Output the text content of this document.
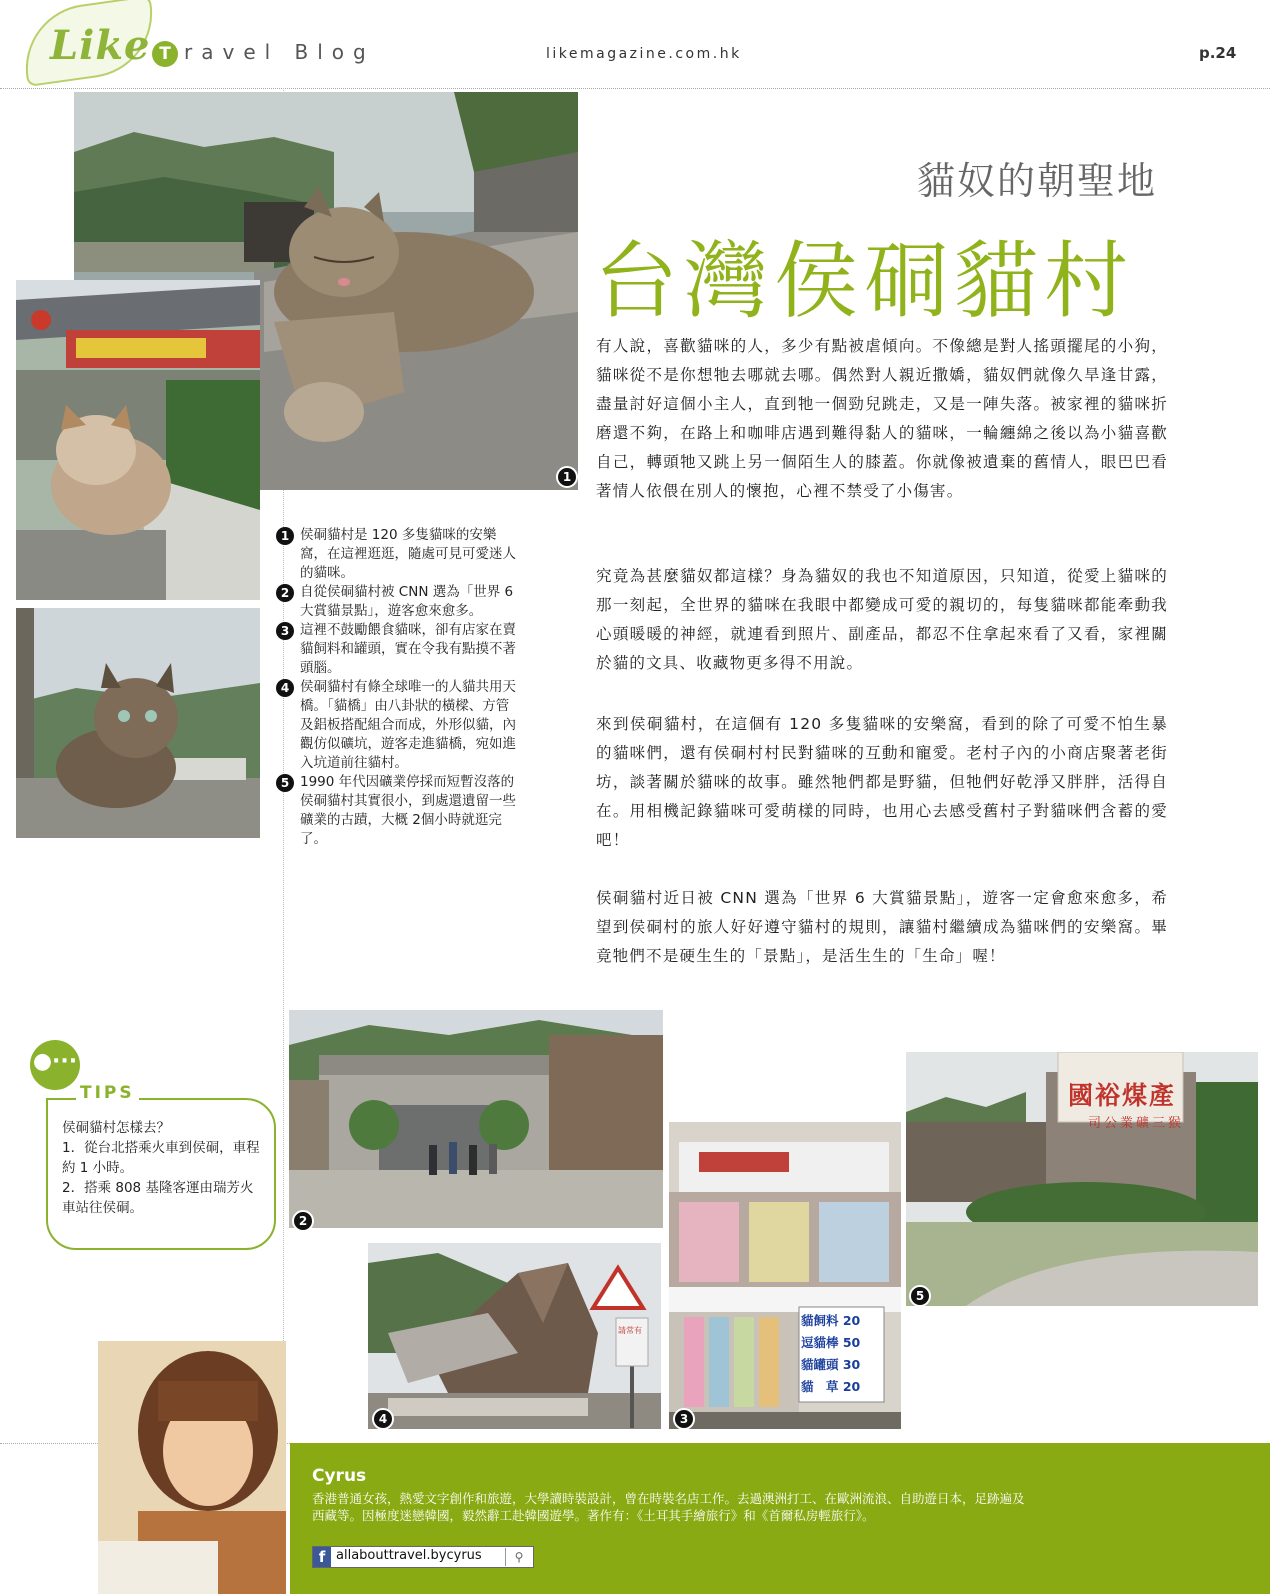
Like T ravel Blog	likemagazine.com.hk	p.24
1
2
請常有
4
貓飼料 20
逗貓棒 50
貓罐頭 30
貓　草 20
3
國裕煤產
司公業礦三猴
5
貓奴的朝聖地
台灣侯硐貓村
有人說，喜歡貓咪的人，多少有點被虐傾向。不像總是對人搖頭擺尾的小狗，貓咪從不是你想牠去哪就去哪。偶然對人親近撒嬌，貓奴們就像久旱逢甘露，盡量討好這個小主人，直到牠一個勁兒跳走，又是一陣失落。被家裡的貓咪折磨還不夠，在路上和咖啡店遇到難得黏人的貓咪，一輪纏綿之後以為小貓喜歡自己，轉頭牠又跳上另一個陌生人的膝蓋。你就像被遺棄的舊情人，眼巴巴看著情人依偎在別人的懷抱，心裡不禁受了小傷害。
究竟為甚麼貓奴都這樣？身為貓奴的我也不知道原因，只知道，從愛上貓咪的那一刻起，全世界的貓咪在我眼中都變成可愛的親切的，每隻貓咪都能牽動我心頭暖暖的神經，就連看到照片、副產品，都忍不住拿起來看了又看，家裡關於貓的文具、收藏物更多得不用說。
來到侯硐貓村，在這個有 120 多隻貓咪的安樂窩，看到的除了可愛不怕生暴的貓咪們，還有侯硐村村民對貓咪的互動和寵愛。老村子內的小商店聚著老街坊，談著關於貓咪的故事。雖然牠們都是野貓，但牠們好乾淨又胖胖，活得自在。用相機記錄貓咪可愛萌樣的同時，也用心去感受舊村子對貓咪們含蓄的愛吧！
侯硐貓村近日被 CNN 選為「世界 6 大賞貓景點」，遊客一定會愈來愈多，希望到侯硐村的旅人好好遵守貓村的規則，讓貓村繼續成為貓咪們的安樂窩。畢竟牠們不是硬生生的「景點」，是活生生的「生命」喔！
1 侯硐貓村是 120 多隻貓咪的安樂窩，在這裡逛逛，隨處可見可愛迷人的貓咪。
2 自從侯硐貓村被 CNN 選為「世界 6 大賞貓景點」，遊客愈來愈多。
3 這裡不鼓勵餵食貓咪，卻有店家在賣貓飼料和罐頭，實在令我有點摸不著頭腦。
4 侯硐貓村有條全球唯一的人貓共用天橋。「貓橋」由八卦狀的橫樑、方管及鋁板搭配組合而成，外形似貓，內觀仿似礦坑，遊客走進貓橋，宛如進入坑道前往貓村。
5 1990 年代因礦業停採而短暫沒落的侯硐貓村其實很小，到處還遺留一些礦業的古蹟，大概 2個小時就逛完了。
●···
TIPS
侯硐貓村怎樣去？
1．從台北搭乘火車到侯硐，車程約 1 小時。
2．搭乘 808 基隆客運由瑞芳火車站往侯硐。
Cyrus
香港普通女孩，熱愛文字創作和旅遊，大學讀時裝設計，曾在時裝名店工作。去過澳洲打工、在歐洲流浪、自助遊日本，足跡遍及西藏等。因極度迷戀韓國，毅然辭工赴韓國遊學。著作有：《土耳其手繪旅行》和《首爾私房輕旅行》。
f allabouttravel.bycyrus	⚲
